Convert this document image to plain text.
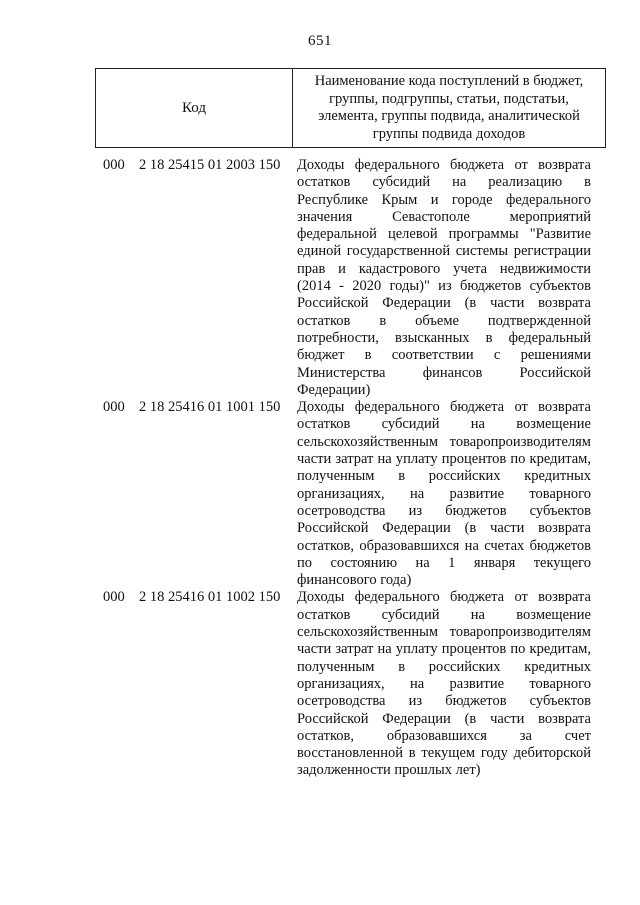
651
Код
Наименование кода поступлений в бюджет, группы, подгруппы, статьи, подстатьи, элемента, группы подвида, аналитической группы подвида доходов
000 2 18 25415 01 2003 150 Доходы федерального бюджета от возврата
остатков субсидий на реализацию в
Республике Крым и городе федерального
значения Севастополе мероприятий
федеральной целевой программы "Развитие
единой государственной системы регистрации
прав и кадастрового учета недвижимости
(2014 - 2020 годы)" из бюджетов субъектов
Российской Федерации (в части возврата
остатков в объеме подтвержденной
потребности, взысканных в федеральный
бюджет в соответствии с решениями
Министерства финансов Российской
Федерации)
000 2 18 25416 01 1001 150 Доходы федерального бюджета от возврата
остатков субсидий на возмещение
сельскохозяйственным товаропроизводителям
части затрат на уплату процентов по кредитам,
полученным в российских кредитных
организациях, на развитие товарного
осетроводства из бюджетов субъектов
Российской Федерации (в части возврата
остатков, образовавшихся на счетах бюджетов
по состоянию на 1 января текущего
финансового года)
000 2 18 25416 01 1002 150 Доходы федерального бюджета от возврата
остатков субсидий на возмещение
сельскохозяйственным товаропроизводителям
части затрат на уплату процентов по кредитам,
полученным в российских кредитных
организациях, на развитие товарного
осетроводства из бюджетов субъектов
Российской Федерации (в части возврата
остатков, образовавшихся за счет
восстановленной в текущем году дебиторской
задолженности прошлых лет)
